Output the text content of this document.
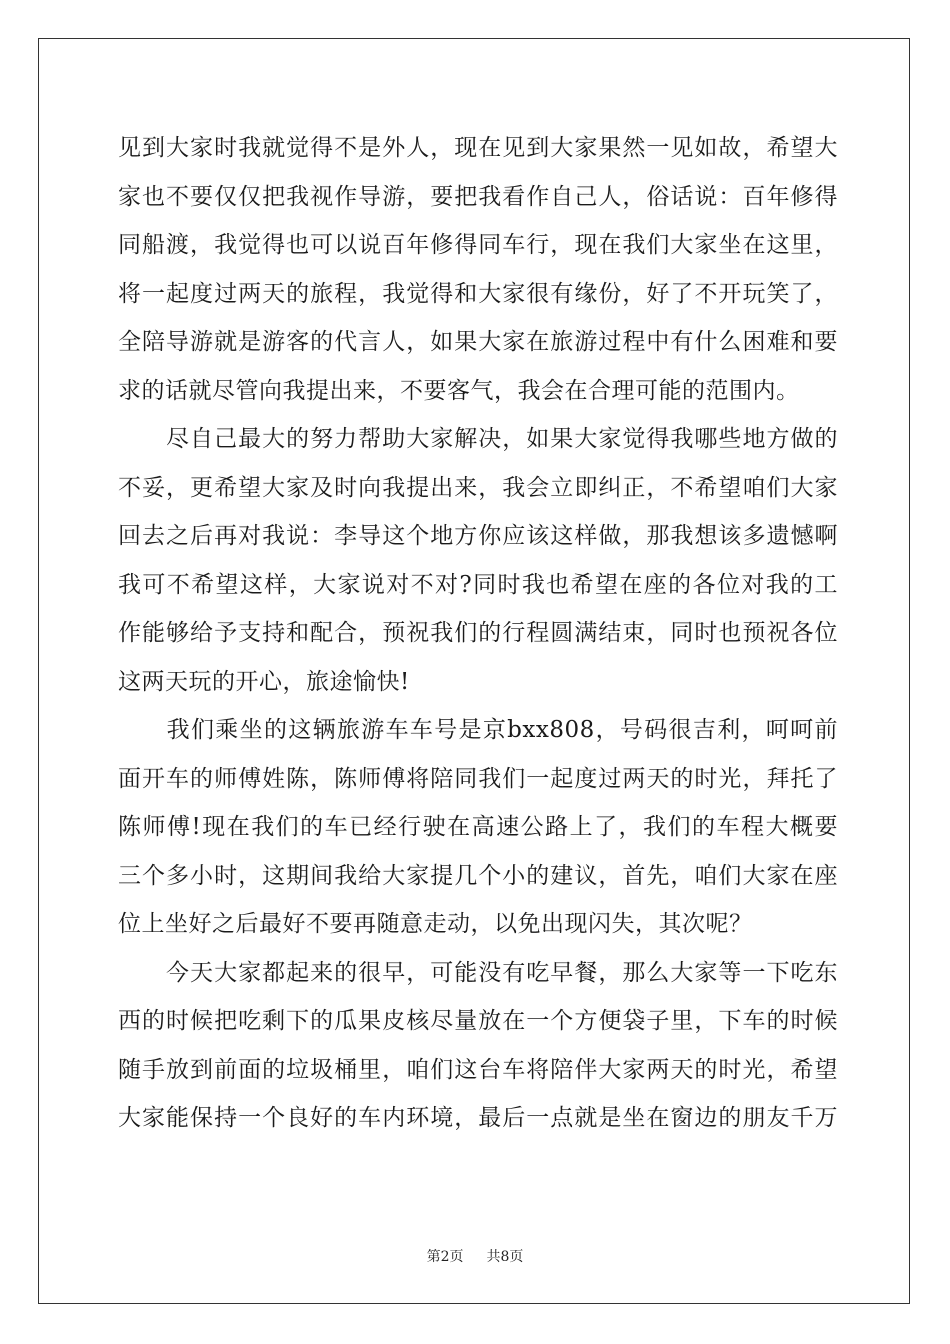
见到大家时我就觉得不是外人，现在见到大家果然一见如故，希望大
家也不要仅仅把我视作导游，要把我看作自己人，俗话说：百年修得
同船渡，我觉得也可以说百年修得同车行，现在我们大家坐在这里，
将一起度过两天的旅程，我觉得和大家很有缘份，好了不开玩笑了，
全陪导游就是游客的代言人，如果大家在旅游过程中有什么困难和要
求的话就尽管向我提出来，不要客气，我会在合理可能的范围内。

　　尽自己最大的努力帮助大家解决，如果大家觉得我哪些地方做的
不妥，更希望大家及时向我提出来，我会立即纠正，不希望咱们大家
回去之后再对我说：李导这个地方你应该这样做，那我想该多遗憾啊
我可不希望这样，大家说对不对?同时我也希望在座的各位对我的工
作能够给予支持和配合，预祝我们的行程圆满结束，同时也预祝各位
这两天玩的开心，旅途愉快!

　　我们乘坐的这辆旅游车车号是京bxx808，号码很吉利，呵呵前
面开车的师傅姓陈，陈师傅将陪同我们一起度过两天的时光，拜托了
陈师傅!现在我们的车已经行驶在高速公路上了，我们的车程大概要
三个多小时，这期间我给大家提几个小的建议，首先，咱们大家在座
位上坐好之后最好不要再随意走动，以免出现闪失，其次呢？

　　今天大家都起来的很早，可能没有吃早餐，那么大家等一下吃东
西的时候把吃剩下的瓜果皮核尽量放在一个方便袋子里，下车的时候
随手放到前面的垃圾桶里，咱们这台车将陪伴大家两天的时光，希望
大家能保持一个良好的车内环境，最后一点就是坐在窗边的朋友千万

第2页 共8页
